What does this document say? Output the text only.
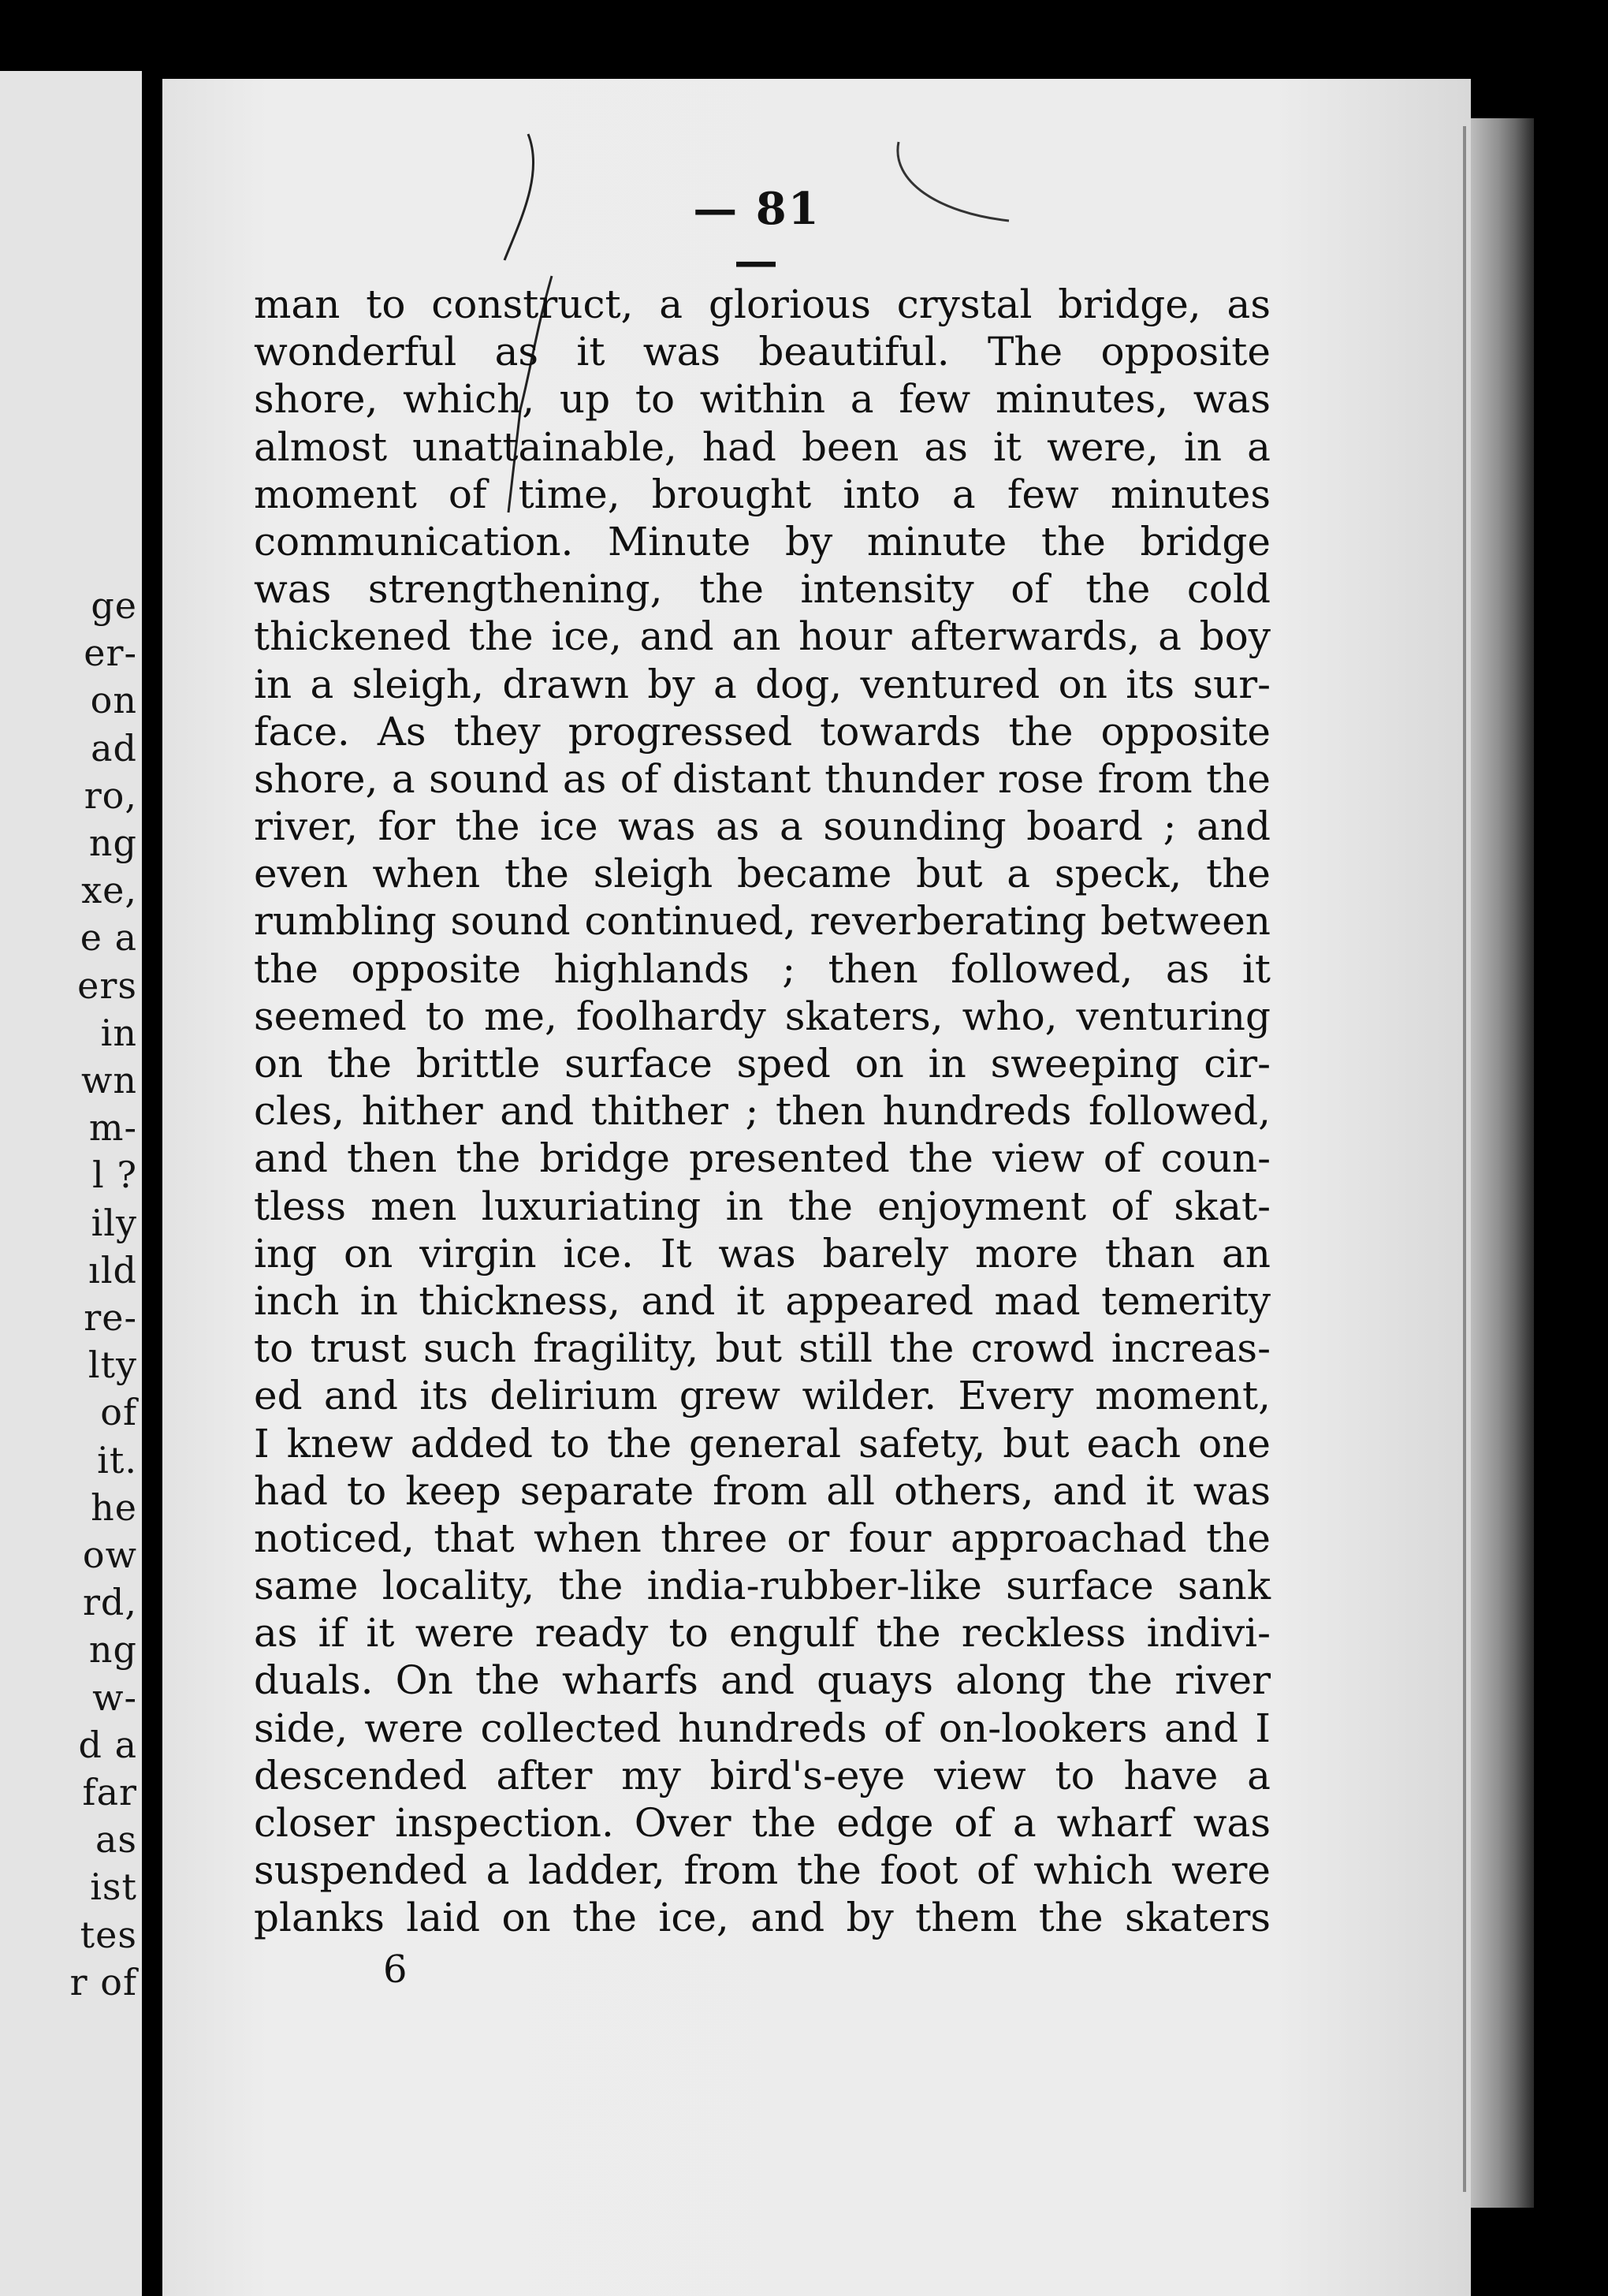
ge
er-
on
ad
ro,
ng
xe,
e a
ers
in
wn
m-
l ?
ily
ıld
re-
lty
of
it.
he
ow
rd,
ng
w-
d a
far
as
ist
tes
r of
— 81 —
man to construct, a glorious crystal bridge, as
wonderful as it was beautiful. The opposite
shore, which, up to within a few minutes, was
almost unattainable, had been as it were, in a
moment of time, brought into a few minutes
communication. Minute by minute the bridge
was strengthening, the intensity of the cold
thickened the ice, and an hour afterwards, a boy
in a sleigh, drawn by a dog, ventured on its sur-
face. As they progressed towards the opposite
shore, a sound as of distant thunder rose from the
river, for the ice was as a sounding board ; and
even when the sleigh became but a speck, the
rumbling sound continued, reverberating between
the opposite highlands ; then followed, as it
seemed to me, foolhardy skaters, who, venturing
on the brittle surface sped on in sweeping cir-
cles, hither and thither ; then hundreds followed,
and then the bridge presented the view of coun-
tless men luxuriating in the enjoyment of skat-
ing on virgin ice. It was barely more than an
inch in thickness, and it appeared mad temerity
to trust such fragility, but still the crowd increas-
ed and its delirium grew wilder. Every moment,
I knew added to the general safety, but each one
had to keep separate from all others, and it was
noticed, that when three or four approachad the
same locality, the india-rubber-like surface sank
as if it were ready to engulf the reckless indivi-
duals. On the wharfs and quays along the river
side, were collected hundreds of on-lookers and I
descended after my bird's-eye view to have a
closer inspection. Over the edge of a wharf was
suspended a ladder, from the foot of which were
planks laid on the ice, and by them the skaters
6
